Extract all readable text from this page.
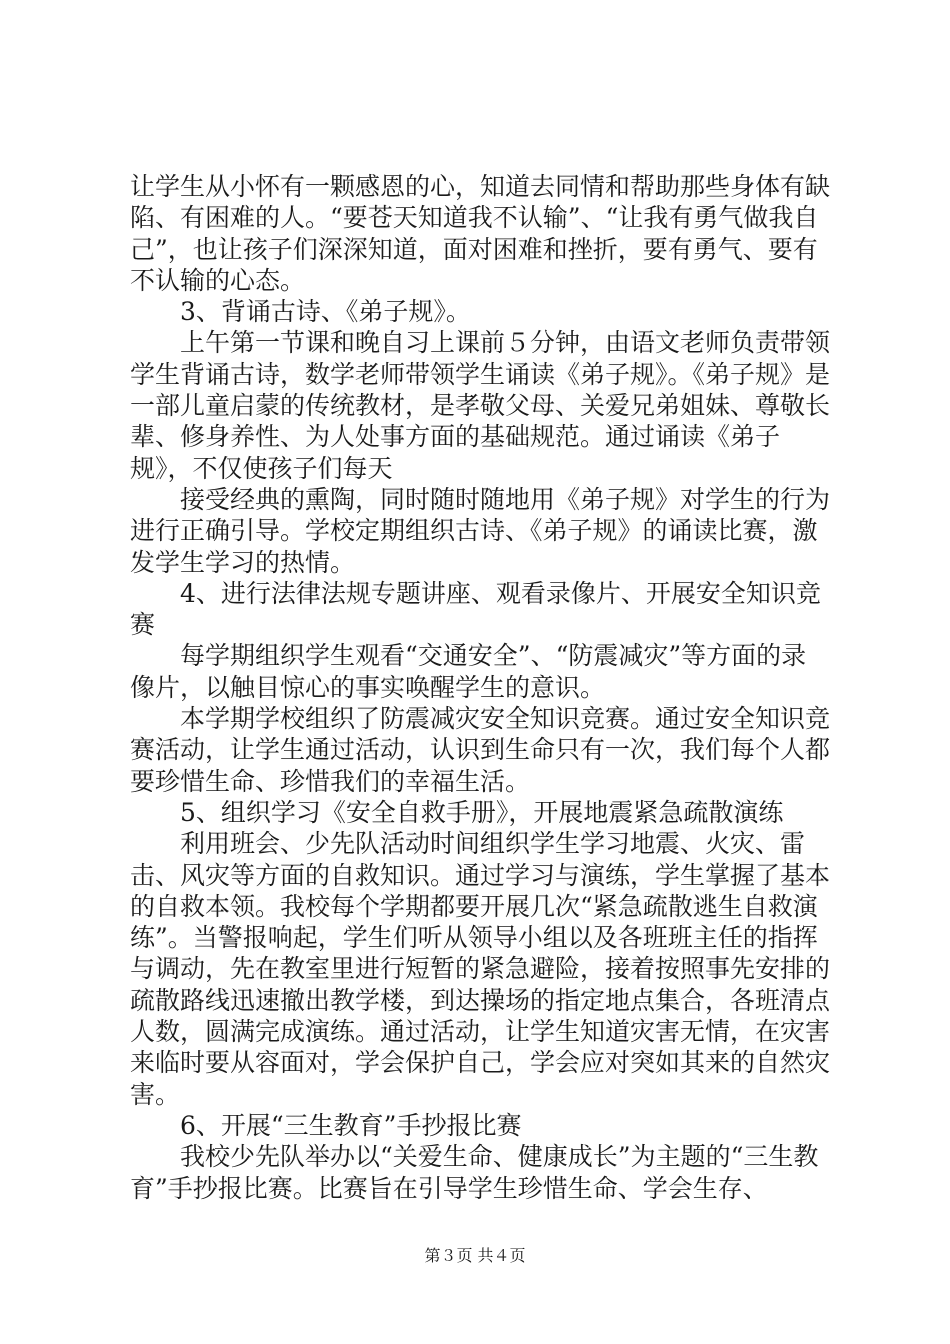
让学生从小怀有一颗感恩的心，知道去同情和帮助那些身体有缺陷、有困难的人。“要苍天知道我不认输”、“让我有勇气做我自己”，也让孩子们深深知道，面对困难和挫折，要有勇气、要有不认输的心态。

3、背诵古诗、《弟子规》。

上午第一节课和晚自习上课前５分钟，由语文老师负责带领学生背诵古诗，数学老师带领学生诵读《弟子规》。《弟子规》是一部儿童启蒙的传统教材，是孝敬父母、关爱兄弟姐妹、尊敬长辈、修身养性、为人处事方面的基础规范。通过诵读《弟子规》，不仅使孩子们每天

接受经典的熏陶，同时随时随地用《弟子规》对学生的行为进行正确引导。学校定期组织古诗、《弟子规》的诵读比赛，激发学生学习的热情。

4、进行法律法规专题讲座、观看录像片、开展安全知识竞赛

每学期组织学生观看“交通安全”、“防震减灾”等方面的录像片，以触目惊心的事实唤醒学生的意识。

本学期学校组织了防震减灾安全知识竞赛。通过安全知识竞赛活动，让学生通过活动，认识到生命只有一次，我们每个人都要珍惜生命、珍惜我们的幸福生活。

5、组织学习《安全自救手册》，开展地震紧急疏散演练

利用班会、少先队活动时间组织学生学习地震、火灾、雷击、风灾等方面的自救知识。通过学习与演练，学生掌握了基本的自救本领。我校每个学期都要开展几次“紧急疏散逃生自救演练”。当警报响起，学生们听从领导小组以及各班班主任的指挥与调动，先在教室里进行短暂的紧急避险，接着按照事先安排的疏散路线迅速撤出教学楼，到达操场的指定地点集合，各班清点人数，圆满完成演练。通过活动，让学生知道灾害无情，在灾害来临时要从容面对，学会保护自己，学会应对突如其来的自然灾害。

6、开展“三生教育”手抄报比赛

我校少先队举办以“关爱生命、健康成长”为主题的“三生教育”手抄报比赛。比赛旨在引导学生珍惜生命、学会生存、

第３页 共４页
